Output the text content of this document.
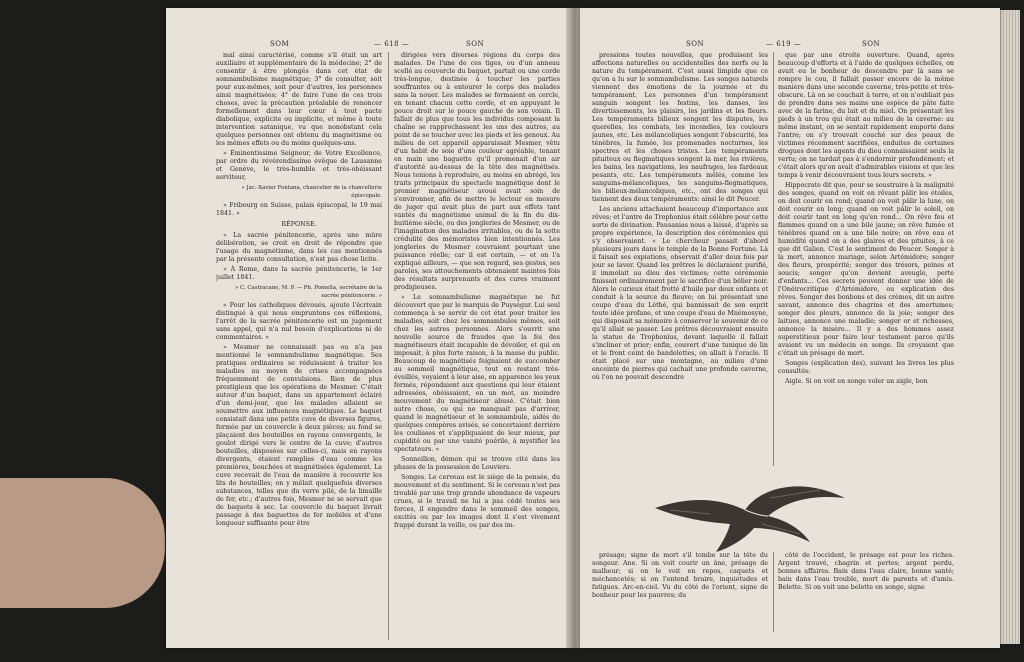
SOM	— 618 —	SON

mal ainsi caractérisé, comme s'il était un art auxiliaire et supplémentaire de la médecine; 2° de consentir à être plongés dans cet état de somnambulisme magnétique; 3° de consulter, soit pour eux-mêmes, soit pour d'autres, les personnes ainsi magnétisées; 4° de faire l'une de ces trois choses, avec la précaution préalable de renoncer formellement dans leur cœur à tout pacte diabolique, explicite ou implicite, et même à toute intervention satanique, vu que nonobstant cela quelques personnes ont obtenu du magnétisme ou les mêmes effets ou du moins quelques-uns.

» Éminentissime Seigneur, de Votre Excellence, par ordre du révérendissime évêque de Lausanne et Genève, le très-humble et très-obéissant serviteur,

» Jac.-Xavier Fontana, chancelier de la chancellerie épiscopale.

» Fribourg en Suisse, palais épiscopal, le 19 mai 1841. »

RÉPONSE.

« La sacrée pénitencerie, après une mûre délibération, se croit en droit de répondre que l'usage du magnétisme, dans les cas mentionnés par la présente consultation, n'est pas chose licite.

» À Rome, dans la sacrée pénitencerie, le 1er juillet 1841.

» C. Castracane, M. P. — Ph. Pomella, secrétaire de la sacrée pénitencerie. »

« Pour les catholiques dévoués, ajoute l'écrivain distingué à qui nous empruntons ces réflexions, l'arrêt de la sacrée pénitencerie est un jugement sans appel, qui n'a nul besoin d'explications ni de commentaires. »

» Mesmer ne connaissait pas ou n'a pas mentionné le somnambulisme magnétique. Ses pratiques ordinaires se réduisaient à traiter les maladies au moyen de crises accompagnées fréquemment de convulsions. Rien de plus prestigieux que les opérations de Mesmer. C'était autour d'un baquet, dans un appartement éclairé d'un demi-jour, que les malades allaient se soumettre aux influences magnétiques. Le baquet consistait dans une petite cuve de diverses figures, fermée par un couvercle à deux pièces; au fond se plaçaient des bouteilles en rayons convergents, le goulot dirigé vers le centre de la cuve; d'autres bouteilles, disposées sur celles-ci, mais en rayons divergents, étaient remplies d'eau comme les premières, bouchées et magnétisées également. La cuve recevait de l'eau de manière à recouvrir les lits de bouteilles; on y mêlait quelquefois diverses substances, telles que du verre pilé, de la limaille de fer, etc.; d'autres fois, Mesmer ne se servait que de baquets à sec. Le couvercle du baquet livrait passage à des baguettes de fer mobiles et d'une longueur suffisante pour être

dirigées vers diverses régions du corps des malades. De l'une de ces tiges, ou d'un anneau scellé au couvercle du baquet, partait ou une corde très-longue, destinée à toucher les parties souffrantes ou à entourer le corps des malades sans la nouer. Les malades se formaient en cercle, en tenant chacun cette corde, et en appuyant le pouce droit sur le pouce gauche de son voisin. Il fallait de plus que tous les individus composant la chaîne se rapprochassent les uns des autres, au point de se toucher avec les pieds et les genoux. Au milieu de cet appareil apparaissait Mesmer, vêtu d'un habit de soie d'une couleur agréable, tenant en main une baguette qu'il promenait d'un air d'autorité au-dessus de la tête des magnétisés. Nous tenions à reproduire, au moins en abrégé, les traits principaux du spectacle magnétique dont le premier magnétiseur avoué avait soin de s'environner, afin de mettre le lecteur en mesure de juger qui avait plus de part aux effets tant vantés du magnétisme animal de la fin du dix-huitième siècle, ou des jongleries de Mesmer, ou de l'imagination des malades irritables, ou de la sotte crédulité des mémoristes bien intentionnés. Les jongleries de Mesmer couvraient pourtant une puissance réelle; car il est certain, — et on l'a expliqué ailleurs, — que son regard, ses gestes, ses paroles, ses attouchements obtenaient maintes fois des résultats surprenants et des cures vraiment prodigieuses.

» Le somnambulisme magnétique ne fut découvert que par le marquis de Puységur. Lui seul commença à se servir de cet état pour traiter les maladies, soit chez les somnambules mêmes, soit chez les autres personnes. Alors s'ouvrit une nouvelle source de fraudes que la foi des magnétiseurs était incapable de dévoiler, et qui en imposait, à plus forte raison, à la masse du public. Beaucoup de magnétisés feignaient de succomber au sommeil magnétique, tout en restant très-éveillés, voyaient à leur aise, en apparence les yeux fermés, répondaient aux questions qui leur étaient adressées, obéissaient, en un mot, au moindre mouvement du magnétiseur abusé. C'était bien autre chose, ce qui ne manquait pas d'arriver, quand le magnétiseur et le somnambule, aidés de quelques compères avisés, se concertaient derrière les coulisses et s'appliquaient de leur mieux, par cupidité ou par une vanité puérile, à mystifier les spectateurs. »

Sonneillon, démon qui se trouve cité dans les phases de la possession de Louviers.

Songes. Le cerveau est le siège de la pensée, du mouvement et du sentiment. Si le cerveau n'est pas troublé par une trop grande abondance de vapeurs crues, si le travail ne lui a pas cédé toutes ses forces, il engendre dans le sommeil des songes, excités ou par les images dont il s'est vivement frappé durant la veille, ou par des im-

SON	— 619 —	SON

pressions toutes nouvelles, que produisent les affections naturelles ou accidentelles des nerfs ou la nature du tempérament. C'est aussi limpide que ce qu'on a lu sur le somnambulisme. Les songes naturels viennent des émotions de la journée et du tempérament. Les personnes d'un tempérament sanguin songent les festins, les danses, les divertissements, les plaisirs, les jardins et les fleurs. Les tempéraments bilieux songent les disputes, les querelles, les combats, les incendies, les couleurs jaunes, etc. Les mélancoliques songent l'obscurité, les ténèbres, la fumée, les promenades nocturnes, les spectres et les choses tristes. Les tempéraments pituiteux ou flegmatiques songent la mer, les rivières, les bains, les navigations, les naufrages, les fardeaux pesants, etc. Les tempéraments mêlés, comme les sanguins-mélancoliques, les sanguins-flegmatiques, les bilieux-mélancoliques, etc., ont des songes qui tiennent des deux tempéraments: ainsi le dit Peucer.

Les anciens attachaient beaucoup d'importance aux rêves; et l'antre de Trophonius était célèbre pour cette sorte de divination. Pausanias nous a laissé, d'après sa propre expérience, la description des cérémonies qui s'y observaient. « Le chercheur passait d'abord plusieurs jours dans le temple de la Bonne Fortune. Là il faisait ses expiations, observait d'aller deux fois par jour se laver. Quand les prêtres le déclaraient purifié, il immolait au dieu des victimes; cette cérémonie finissait ordinairement par le sacrifice d'un bélier noir. Alors le curieux était frotté d'huile par deux enfants et conduit à la source du fleuve; on lui présentait une coupe d'eau du Léthé, qui bannissait de son esprit toute idée profane, et une coupe d'eau de Mnémosyne, qui disposait sa mémoire à conserver le souvenir de ce qu'il allait se passer. Les prêtres découvraient ensuite la statue de Trophonius, devant laquelle il fallait s'incliner et prier; enfin, couvert d'une tunique de lin et le front ceint de bandelettes, on allait à l'oracle. Il était placé sur une montagne, au milieu d'une enceinte de pierres qui cachait une profonde caverne, où l'on ne pouvait descendre

que par une étroite ouverture. Quand, après beaucoup d'efforts et à l'aide de quelques échelles, on avait eu le bonheur de descendre par là sans se rompre le cou, il fallait passer encore de la même manière dans une seconde caverne, très-petite et très-obscure. Là on se couchait à terre, et on n'oubliait pas de prendre dans ses mains une espèce de pâte faite avec de la farine, du lait et du miel. On présentait les pieds à un trou qui était au milieu de la caverne: au même instant, on se sentait rapidement emporté dans l'antre; on s'y trouvait couché sur des peaux de victimes récemment sacrifiées, enduites de certaines drogues dont les agents du dieu connaissaient seuls la vertu; on ne tardait pas à s'endormir profondément; et c'était alors qu'on avait d'admirables visions et que les temps à venir découvraient tous leurs secrets. »

Hippocrate dit que, pour se soustraire à la malignité des songes, quand on voit en rêvant pâlir les étoiles, on doit courir en rond; quand on voit pâlir la lune, on doit courir en long; quand on voit pâlir le soleil, on doit courir tant en long qu'en rond... On rêve feu et flammes quand on a une bile jaune; on rêve fumée et ténèbres quand on a une bile noire; on rêve eau et humidité quand on a des glaires et des pituites, à ce que dit Galien. C'est le sentiment de Peucer. Songer à la mort, annonce mariage, selon Artémidore; songer des fleurs, prospérité; songer des trésors, peines et soucis; songer qu'on devient aveugle, perte d'enfants... Ces secrets peuvent donner une idée de l'Onéirocritique d'Artémidore, ou explication des rêves. Songer des bonbons et des crèmes, dit un autre savant, annonce des chagrins et des amertumes; songer des pleurs, annonce de la joie; songer des laitues, annonce une maladie; songer or et richesses, annonce la misère... Il y a des hommes assez superstitieux pour faire leur testament parce qu'ils avaient vu un médecin en songe. Ils croyaient que c'était un présage de mort.

Songes (explication des), suivant les livres les plus consultés:

Aigle. Si on voit en songe voler un aigle, bon

présage; signe de mort s'il tombe sur la tête du songeur. Ane. Si on voit courir un âne, présage de malheur; si on le voit en repos, caquets et méchancetés; si on l'entend braire, inquiétudes et fatigues. Arc-en-ciel. Vu du côté de l'orient, signe de bonheur pour les pauvres; du

côté de l'occident, le présage est pour les riches. Argent trouvé, chagrin et pertes; argent perdu, bonnes affaires. Bain dans l'eau claire, bonne santé; bain dans l'eau trouble, mort de parents et d'amis. Belette. Si on voit une belette en songe, signe
